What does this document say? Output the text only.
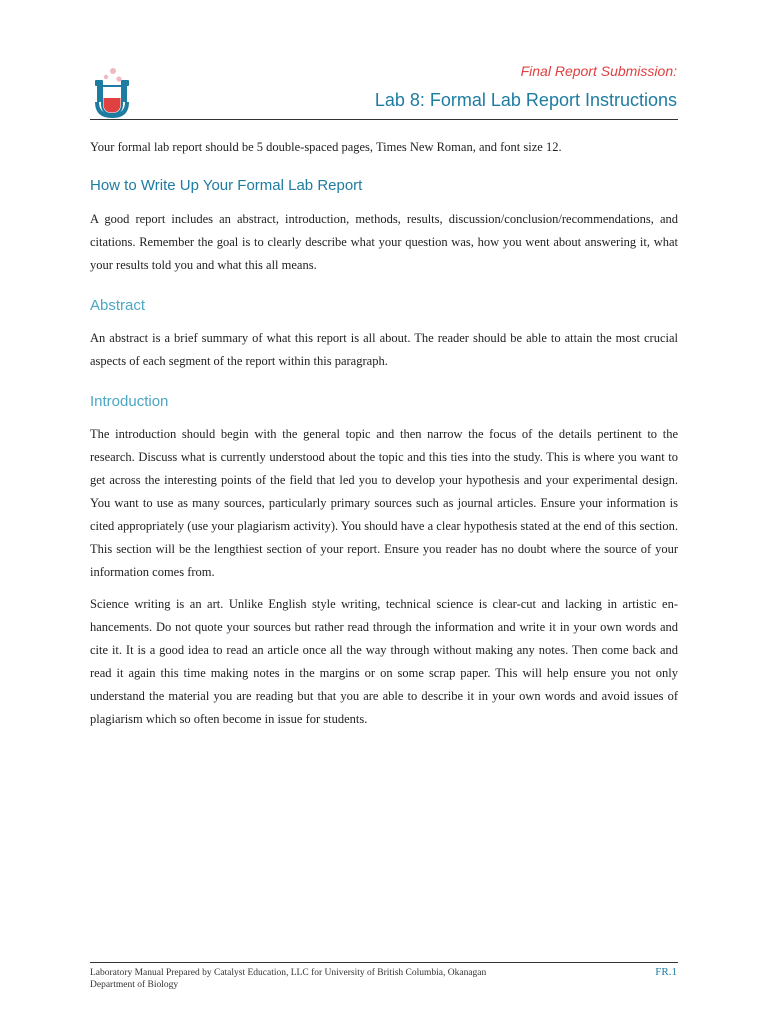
Final Report Submission:
Lab 8: Formal Lab Report Instructions

Your formal lab report should be 5 double-spaced pages, Times New Roman, and font size 12.

How to Write Up Your Formal Lab Report

A good report includes an abstract, introduction, methods, results, discussion/conclusion/recommendations, and citations. Remember the goal is to clearly describe what your question was, how you went about answering it, what your results told you and what this all means.

Abstract

An abstract is a brief summary of what this report is all about. The reader should be able to attain the most crucial aspects of each segment of the report within this paragraph.

Introduction

The introduction should begin with the general topic and then narrow the focus of the details pertinent to the research. Discuss what is currently understood about the topic and this ties into the study. This is where you want to get across the interesting points of the field that led you to develop your hypothesis and your experimental design. You want to use as many sources, particularly primary sources such as journal articles. Ensure your information is cited appropriately (use your plagiarism activity). You should have a clear hypothesis stated at the end of this section. This section will be the lengthiest section of your report. Ensure you reader has no doubt where the source of your information comes from.

Science writing is an art. Unlike English style writing, technical science is clear-cut and lacking in artistic enhancements. Do not quote your sources but rather read through the information and write it in your own words and cite it. It is a good idea to read an article once all the way through without making any notes. Then come back and read it again this time making notes in the margins or on some scrap paper. This will help ensure you not only understand the material you are reading but that you are able to describe it in your own words and avoid issues of plagiarism which so often become in issue for students.

Laboratory Manual Prepared by Catalyst Education, LLC for University of British Columbia, Okanagan
Department of Biology
FR.1
